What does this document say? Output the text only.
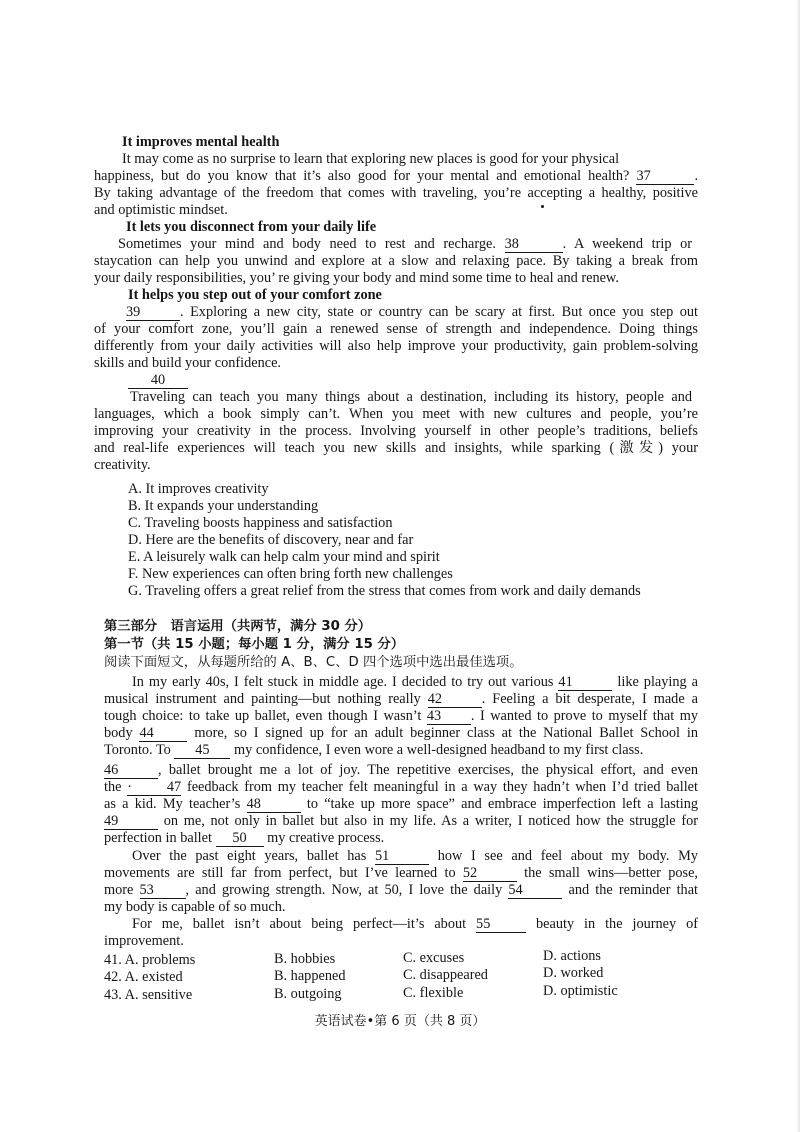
It improves mental health
It may come as no surprise to learn that exploring new places is good for your physical
happiness, but do you know that it’s also good for your mental and emotional health? 37	.
By taking advantage of the freedom that comes with traveling, you’re accepting a healthy, positive
and optimistic mindset.
It lets you disconnect from your daily life
Sometimes your mind and body need to rest and recharge. 38	. A weekend trip or
staycation can help you unwind and explore at a slow and relaxing pace. By taking a break from
your daily responsibilities, you’ re giving your body and mind some time to heal and renew.
It helps you step out of your comfort zone
39	. Exploring a new city, state or country can be scary at first. But once you step out
of your comfort zone, you’ll gain a renewed sense of strength and independence. Doing things
differently from your daily activities will also help improve your productivity, gain problem-solving
skills and build your confidence.
40
Traveling can teach you many things about a destination, including its history, people and
languages, which a book simply can’t. When you meet with new cultures and people, you’re
improving your creativity in the process. Involving yourself in other people’s traditions, beliefs
and real-life experiences will teach you new skills and insights, while sparking (激发) your
creativity.
A. It improves creativity
B. It expands your understanding
C. Traveling boosts happiness and satisfaction
D. Here are the benefits of discovery, near and far
E. A leisurely walk can help calm your mind and spirit
F. New experiences can often bring forth new challenges
G. Traveling offers a great relief from the stress that comes from work and daily demands
第三部分　语言运用（共两节，满分 30 分）
第一节（共 15 小题；每小题 1 分，满分 15 分）
阅读下面短文，从每题所给的 A、B、C、D 四个选项中选出最佳选项。
In my early 40s, I felt stuck in middle age. I decided to try out various 41	like playing a
musical instrument and painting—but nothing really 42	. Feeling a bit desperate, I made a
tough choice: to take up ballet, even though I wasn’t 43 . I wanted to prove to myself that my
body 44	more, so I signed up for an adult beginner class at the National Ballet School in
Toronto. To 45 my confidence, I even wore a well-designed headband to my first class.
46	, ballet brought me a lot of joy. The repetitive exercises, the physical effort, and even
the · 47 feedback from my teacher felt meaningful in a way they hadn’t when I’d tried ballet
as a kid. My teacher’s 48	to “take up more space” and embrace imperfection left a lasting
49	on me, not only in ballet but also in my life. As a writer, I noticed how the struggle for
perfection in ballet 50 my creative process.
Over the past eight years, ballet has 51	how I see and feel about my body. My
movements are still far from perfect, but I’ve learned to 52	the small wins—better pose,
more 53 , and growing strength. Now, at 50, I love the daily 54	and the reminder that
my body is capable of so much.
For me, ballet isn’t about being perfect—it’s about 55	beauty in the journey of
improvement.
41. A. problems	B. hobbies	C. excuses	D. actions
42. A. existed	B. happened	C. disappeared	D. worked
43. A. sensitive	B. outgoing	C. flexible	D. optimistic
英语试卷•第 6 页（共 8 页）
